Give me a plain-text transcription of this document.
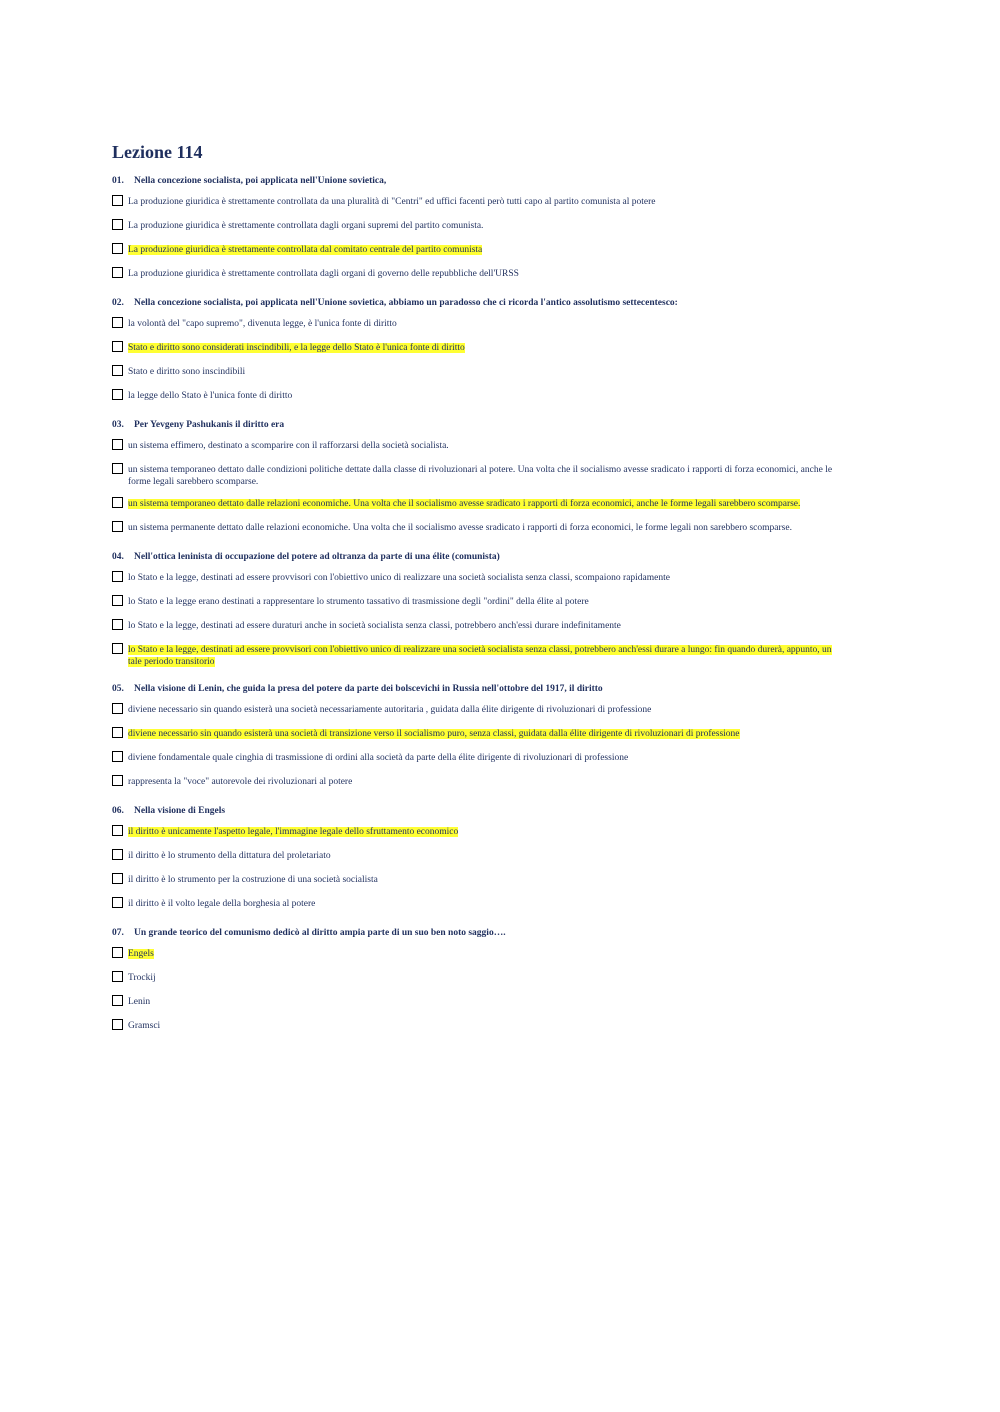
Lezione 114
01. Nella concezione socialista, poi applicata nell'Unione sovietica,
La produzione giuridica è strettamente controllata da una pluralità di "Centri" ed uffici facenti però tutti capo al partito comunista al potere
La produzione giuridica è strettamente controllata dagli organi supremi del partito comunista.
La produzione giuridica è strettamente controllata dal comitato centrale del partito comunista
La produzione giuridica è strettamente controllata dagli organi di governo delle repubbliche dell'URSS
02. Nella concezione socialista, poi applicata nell'Unione sovietica, abbiamo un paradosso che ci ricorda l'antico assolutismo settecentesco:
la volontà del "capo supremo", divenuta legge, è l'unica fonte di diritto
Stato e diritto sono considerati inscindibili, e la legge dello Stato è l'unica fonte di diritto
Stato e diritto sono inscindibili
la legge dello Stato è l'unica fonte di diritto
03. Per Yevgeny Pashukanis il diritto era
un sistema effimero, destinato a scomparire con il rafforzarsi della società socialista.
un sistema temporaneo dettato dalle condizioni politiche dettate dalla classe di rivoluzionari al potere. Una volta che il socialismo avesse sradicato i rapporti di forza economici, anche le forme legali sarebbero scomparse.
un sistema temporaneo dettato dalle relazioni economiche. Una volta che il socialismo avesse sradicato i rapporti di forza economici, anche le forme legali sarebbero scomparse.
un sistema permanente dettato dalle relazioni economiche. Una volta che il socialismo avesse sradicato i rapporti di forza economici, le forme legali non sarebbero scomparse.
04. Nell'ottica leninista di occupazione del potere ad oltranza da parte di una élite (comunista)
lo Stato e la legge, destinati ad essere provvisori con l'obiettivo unico di realizzare una società socialista senza classi, scompaiono rapidamente
lo Stato e la legge erano destinati a rappresentare lo strumento tassativo di trasmissione degli "ordini" della élite al potere
lo Stato e la legge, destinati ad essere duraturi anche in società socialista senza classi, potrebbero anch'essi durare indefinitamente
lo Stato e la legge, destinati ad essere provvisori con l'obiettivo unico di realizzare una società socialista senza classi, potrebbero anch'essi durare a lungo: fin quando durerà, appunto, un tale periodo transitorio
05. Nella visione di Lenin, che guida la presa del potere da parte dei bolscevichi in Russia nell'ottobre del 1917, il diritto
diviene necessario sin quando esisterà una società necessariamente autoritaria , guidata dalla élite dirigente di rivoluzionari di professione
diviene necessario sin quando esisterà una società di transizione verso il socialismo puro, senza classi, guidata dalla élite dirigente di rivoluzionari di professione
diviene fondamentale quale cinghia di trasmissione di ordini alla società da parte della élite dirigente di rivoluzionari di professione
rappresenta la "voce" autorevole dei rivoluzionari al potere
06. Nella visione di Engels
il diritto è unicamente l'aspetto legale, l'immagine legale dello sfruttamento economico
il diritto è lo strumento della dittatura del proletariato
il diritto è lo strumento per la costruzione di una società socialista
il diritto è il volto legale della borghesia al potere
07. Un grande teorico del comunismo dedicò al diritto ampia parte di un suo ben noto saggio….
Engels
Trockij
Lenin
Gramsci
